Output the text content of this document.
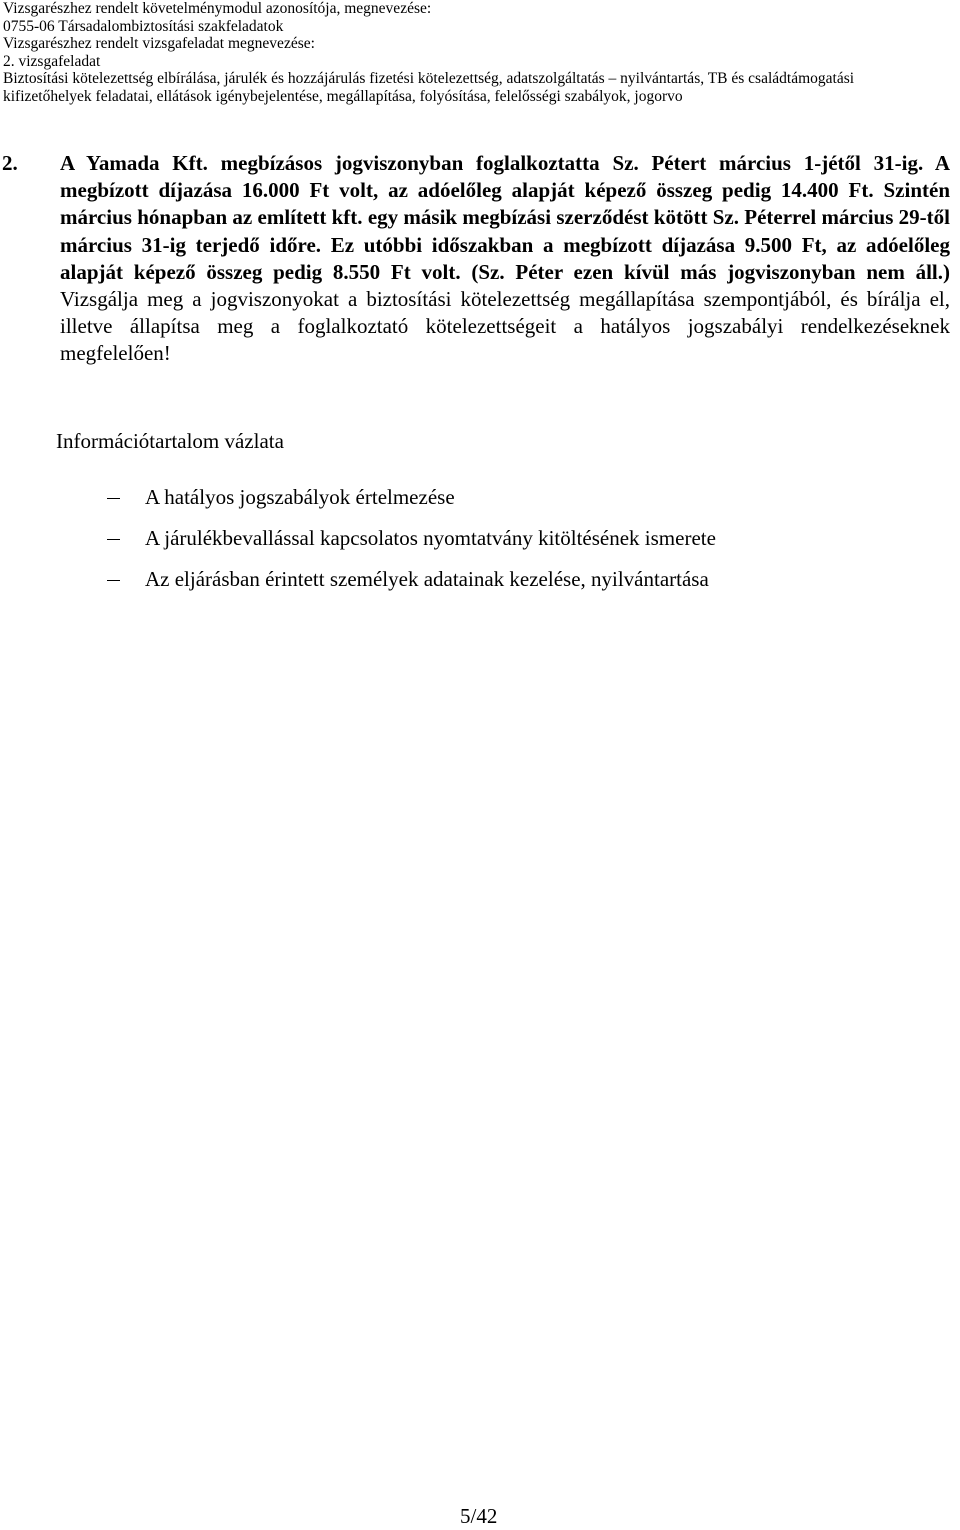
Vizsgarészhez rendelt követelménymodul azonosítója, megnevezése:
0755-06 Társadalombiztosítási szakfeladatok
Vizsgarészhez rendelt vizsgafeladat megnevezése:
2. vizsgafeladat
Biztosítási kötelezettség elbírálása, járulék és hozzájárulás fizetési kötelezettség, adatszolgáltatás – nyilvántartás, TB és családtámogatási
kifizetőhelyek feladatai, ellátások igénybejelentése, megállapítása, folyósítása, felelősségi szabályok, jogorvo
2. A Yamada Kft. megbízásos jogviszonyban foglalkoztatta Sz. Pétert március 1-jétől 31-ig. A megbízott díjazása 16.000 Ft volt, az adóelőleg alapját képező összeg pedig 14.400 Ft. Szintén március hónapban az említett kft. egy másik megbízási szerződést kötött Sz. Péterrel március 29-től március 31-ig terjedő időre. Ez utóbbi időszakban a megbízott díjazása 9.500 Ft, az adóelőleg alapját képező összeg pedig 8.550 Ft volt. (Sz. Péter ezen kívül más jogviszonyban nem áll.) Vizsgálja meg a jogviszonyokat a biztosítási kötelezettség megállapítása szempontjából, és bírálja el, illetve állapítsa meg a foglalkoztató kötelezettségeit a hatályos jogszabályi rendelkezéseknek megfelelően!
Információtartalom vázlata
A hatályos jogszabályok értelmezése
A járulékbevallással kapcsolatos nyomtatvány kitöltésének ismerete
Az eljárásban érintett személyek adatainak kezelése, nyilvántartása
5/42
